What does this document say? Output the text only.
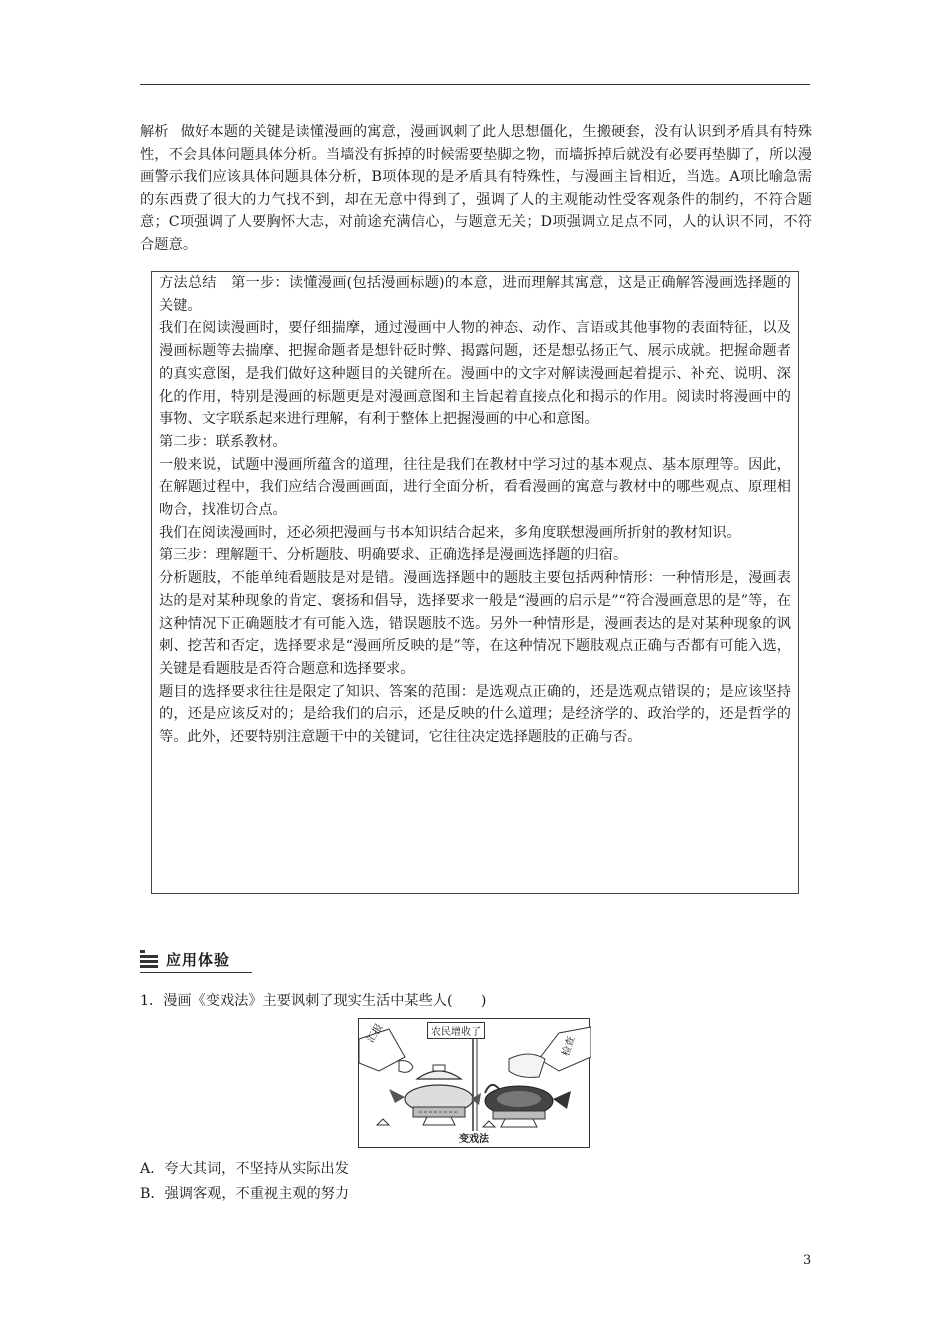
解析 做好本题的关键是读懂漫画的寓意，漫画讽刺了此人思想僵化，生搬硬套，没有认识到矛盾具有特殊性，不会具体问题具体分析。当墙没有拆掉的时候需要垫脚之物，而墙拆掉后就没有必要再垫脚了，所以漫画警示我们应该具体问题具体分析，B项体现的是矛盾具有特殊性，与漫画主旨相近，当选。A项比喻急需的东西费了很大的力气找不到，却在无意中得到了，强调了人的主观能动性受客观条件的制约，不符合题意；C项强调了人要胸怀大志，对前途充满信心，与题意无关；D项强调立足点不同，人的认识不同，不符合题意。

方法总结　第一步：读懂漫画(包括漫画标题)的本意，进而理解其寓意，这是正确解答漫画选择题的关键。

我们在阅读漫画时，要仔细揣摩，通过漫画中人物的神态、动作、言语或其他事物的表面特征，以及漫画标题等去揣摩、把握命题者是想针砭时弊、揭露问题，还是想弘扬正气、展示成就。把握命题者的真实意图，是我们做好这种题目的关键所在。漫画中的文字对解读漫画起着提示、补充、说明、深化的作用，特别是漫画的标题更是对漫画意图和主旨起着直接点化和揭示的作用。阅读时将漫画中的事物、文字联系起来进行理解，有利于整体上把握漫画的中心和意图。

第二步：联系教材。

一般来说，试题中漫画所蕴含的道理，往往是我们在教材中学习过的基本观点、基本原理等。因此，在解题过程中，我们应结合漫画画面，进行全面分析，看看漫画的寓意与教材中的哪些观点、原理相吻合，找准切合点。

我们在阅读漫画时，还必须把漫画与书本知识结合起来，多角度联想漫画所折射的教材知识。

第三步：理解题干、分析题肢、明确要求、正确选择是漫画选择题的归宿。

分析题肢，不能单纯看题肢是对是错。漫画选择题中的题肢主要包括两种情形：一种情形是，漫画表达的是对某种现象的肯定、褒扬和倡导，选择要求一般是“漫画的启示是”“符合漫画意思的是”等，在这种情况下正确题肢才有可能入选，错误题肢不选。另外一种情形是，漫画表达的是对某种现象的讽刺、挖苦和否定，选择要求是“漫画所反映的是”等，在这种情况下题肢观点正确与否都有可能入选，关键是看题肢是否符合题意和选择要求。

题目的选择要求往往是限定了知识、答案的范围：是选观点正确的，还是选观点错误的；是应该坚持的，还是应该反对的；是给我们的启示，还是反映的什么道理；是经济学的、政治学的，还是哲学的等。此外，还要特别注意题干中的关键词，它往往决定选择题肢的正确与否。

应用体验
1．漫画《变戏法》主要讽刺了现实生活中某些人(　　)
汇报	农民增收了
检查
变戏法
A．夸大其词，不坚持从实际出发
B．强调客观，不重视主观的努力
3
